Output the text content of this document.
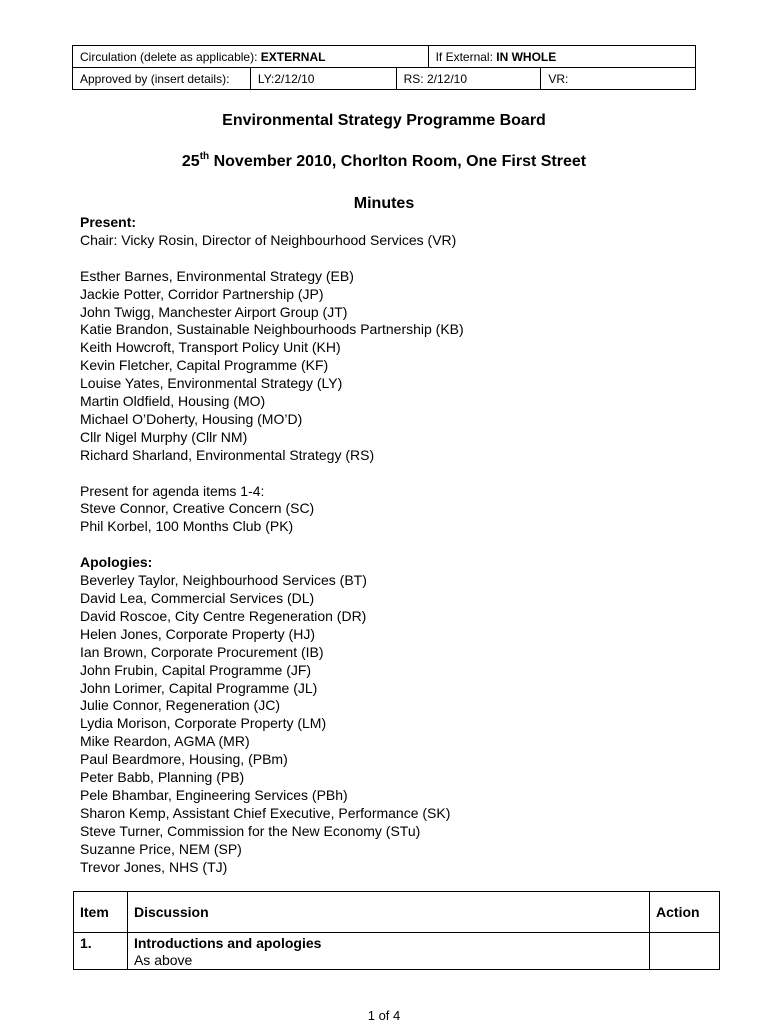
Circulation (delete as applicable): EXTERNAL			If External: IN WHOLE	
Approved by (insert details):	LY:2/12/10	RS: 2/12/10		VR:
Environmental Strategy Programme Board
25th November 2010, Chorlton Room, One First Street
Minutes
Present:
Chair: Vicky Rosin, Director of Neighbourhood Services (VR)
Esther Barnes, Environmental Strategy (EB)
Jackie Potter, Corridor Partnership (JP)
John Twigg, Manchester Airport Group (JT)
Katie Brandon, Sustainable Neighbourhoods Partnership (KB)
Keith Howcroft, Transport Policy Unit (KH)
Kevin Fletcher, Capital Programme (KF)
Louise Yates, Environmental Strategy (LY)
Martin Oldfield, Housing (MO)
Michael O’Doherty, Housing (MO’D)
Cllr Nigel Murphy (Cllr NM)
Richard Sharland, Environmental Strategy (RS)
Present for agenda items 1-4:
Steve Connor, Creative Concern (SC)
Phil Korbel, 100 Months Club (PK)
Apologies:
Beverley Taylor, Neighbourhood Services (BT)
David Lea, Commercial Services (DL)
David Roscoe, City Centre Regeneration (DR)
Helen Jones, Corporate Property (HJ)
Ian Brown, Corporate Procurement (IB)
John Frubin, Capital Programme (JF)
John Lorimer, Capital Programme (JL)
Julie Connor, Regeneration (JC)
Lydia Morison, Corporate Property (LM)
Mike Reardon, AGMA (MR)
Paul Beardmore, Housing, (PBm)
Peter Babb, Planning (PB)
Pele Bhambar, Engineering Services (PBh)
Sharon Kemp, Assistant Chief Executive, Performance (SK)
Steve Turner, Commission for the New Economy (STu)
Suzanne Price, NEM (SP)
Trevor Jones, NHS (TJ)
Item	Discussion	Action
1.	Introductions and apologies
As above	

1 of 4
